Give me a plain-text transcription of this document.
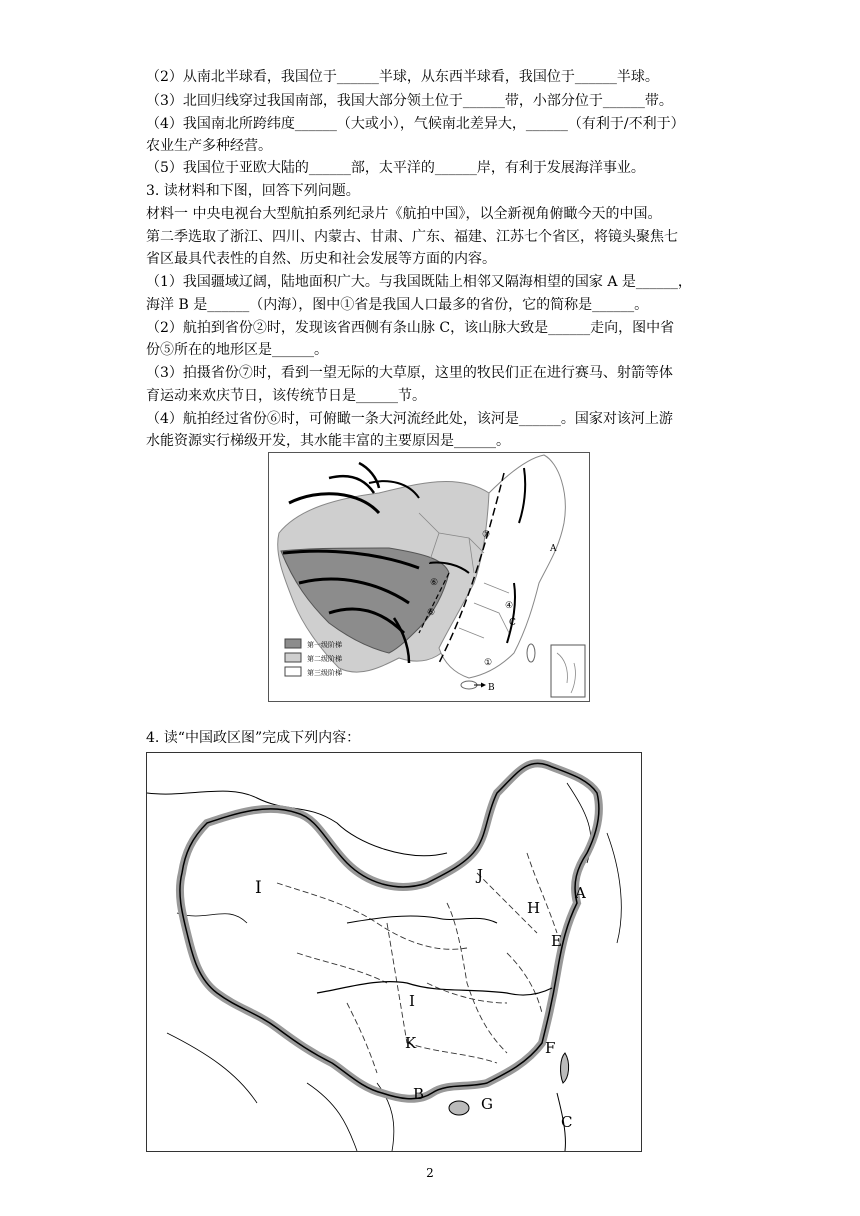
（2）从南北半球看，我国位于______半球，从东西半球看，我国位于______半球。
（3）北回归线穿过我国南部，我国大部分领土位于______带，小部分位于______带。
（4）我国南北所跨纬度______（大或小），气候南北差异大，______（有利于/不利于）
农业生产多种经营。
（5）我国位于亚欧大陆的______部，太平洋的______岸，有利于发展海洋事业。
3. 读材料和下图，回答下列问题。
材料一 中央电视台大型航拍系列纪录片《航拍中国》，以全新视角俯瞰今天的中国。
第二季选取了浙江、四川、内蒙古、甘肃、广东、福建、江苏七个省区，将镜头聚焦七
省区最具代表性的自然、历史和社会发展等方面的内容。
（1）我国疆域辽阔，陆地面积广大。与我国既陆上相邻又隔海相望的国家 A 是______，
海洋 B 是______（内海），图中①省是我国人口最多的省份，它的简称是______。
（2）航拍到省份②时，发现该省西侧有条山脉 C，该山脉大致是______走向，图中省
份⑤所在的地形区是______。
（3）拍摄省份⑦时，看到一望无际的大草原，这里的牧民们正在进行赛马、射箭等体
育运动来欢庆节日，该传统节日是______节。
（4）航拍经过省份⑥时，可俯瞰一条大河流经此处，该河是______。国家对该河上游
水能资源实行梯级开发，其水能丰富的主要原因是______。
第一级阶梯
第二级阶梯
第三级阶梯
A
C
B
①
④
⑤
⑥
⑦
4. 读“中国政区图”完成下列内容：
I
J
A
H
E
I
K	F
B
G
C
2
